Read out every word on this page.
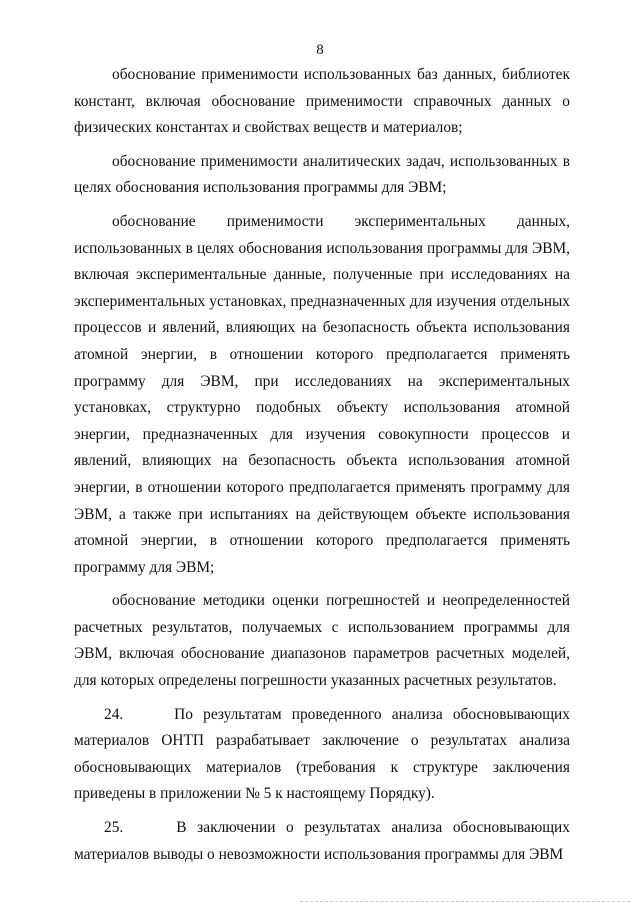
8

обоснование применимости использованных баз данных, библиотек констант, включая обоснование применимости справочных данных о физических константах и свойствах веществ и материалов;

обоснование применимости аналитических задач, использованных в целях обоснования использования программы для ЭВМ;

обоснование применимости экспериментальных данных, использованных в целях обоснования использования программы для ЭВМ, включая экспериментальные данные, полученные при исследованиях на экспериментальных установках, предназначенных для изучения отдельных процессов и явлений, влияющих на безопасность объекта использования атомной энергии, в отношении которого предполагается применять программу для ЭВМ, при исследованиях на экспериментальных установках, структурно подобных объекту использования атомной энергии, предназначенных для изучения совокупности процессов и явлений, влияющих на безопасность объекта использования атомной энергии, в отношении которого предполагается применять программу для ЭВМ, а также при испытаниях на действующем объекте использования атомной энергии, в отношении которого предполагается применять программу для ЭВМ;

обоснование методики оценки погрешностей и неопределенностей расчетных результатов, получаемых с использованием программы для ЭВМ, включая обоснование диапазонов параметров расчетных моделей, для которых определены погрешности указанных расчетных результатов.

24.     По результатам проведенного анализа обосновывающих материалов ОНТП разрабатывает заключение о результатах анализа обосновывающих материалов (требования к структуре заключения приведены в приложении № 5 к настоящему Порядку).

25.     В заключении о результатах анализа обосновывающих материалов выводы о невозможности использования программы для ЭВМ
